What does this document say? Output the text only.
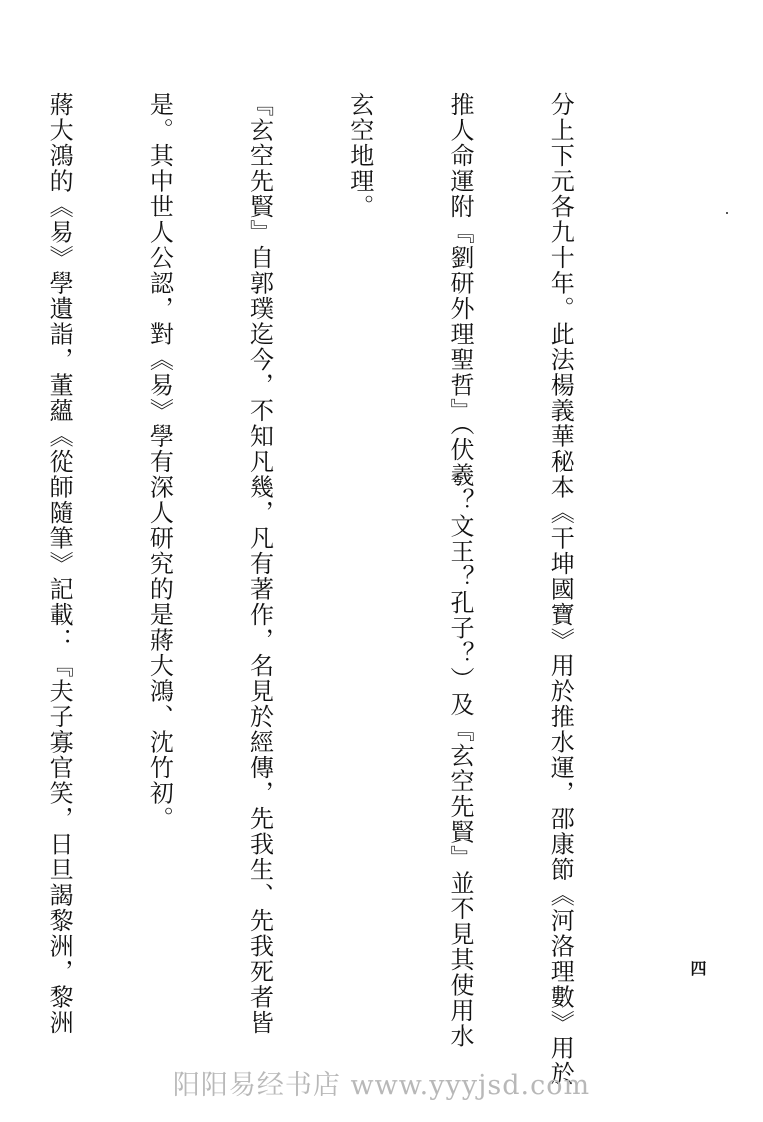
分上下元各九十年。此法楊義華秘本《干坤國寶》用於推水運，邵康節《河洛理數》用於

推人命運附『劉研外理聖哲』（伏羲？文王？孔子？）及『玄空先賢』並不見其使用水

玄空地理。

『玄空先賢』自郭璞迄今，不知凡幾，凡有著作，名見於經傳，先我生、先我死者皆

是。其中世人公認，對《易》學有深人研究的是蔣大鴻、沈竹初。

蔣大鴻的《易》學遺詣，董蘊《從師隨筆》記載：『夫子寡官笑，日旦謁黎洲，黎洲

	四
阳阳易经书店 www.yyyjsd.com
